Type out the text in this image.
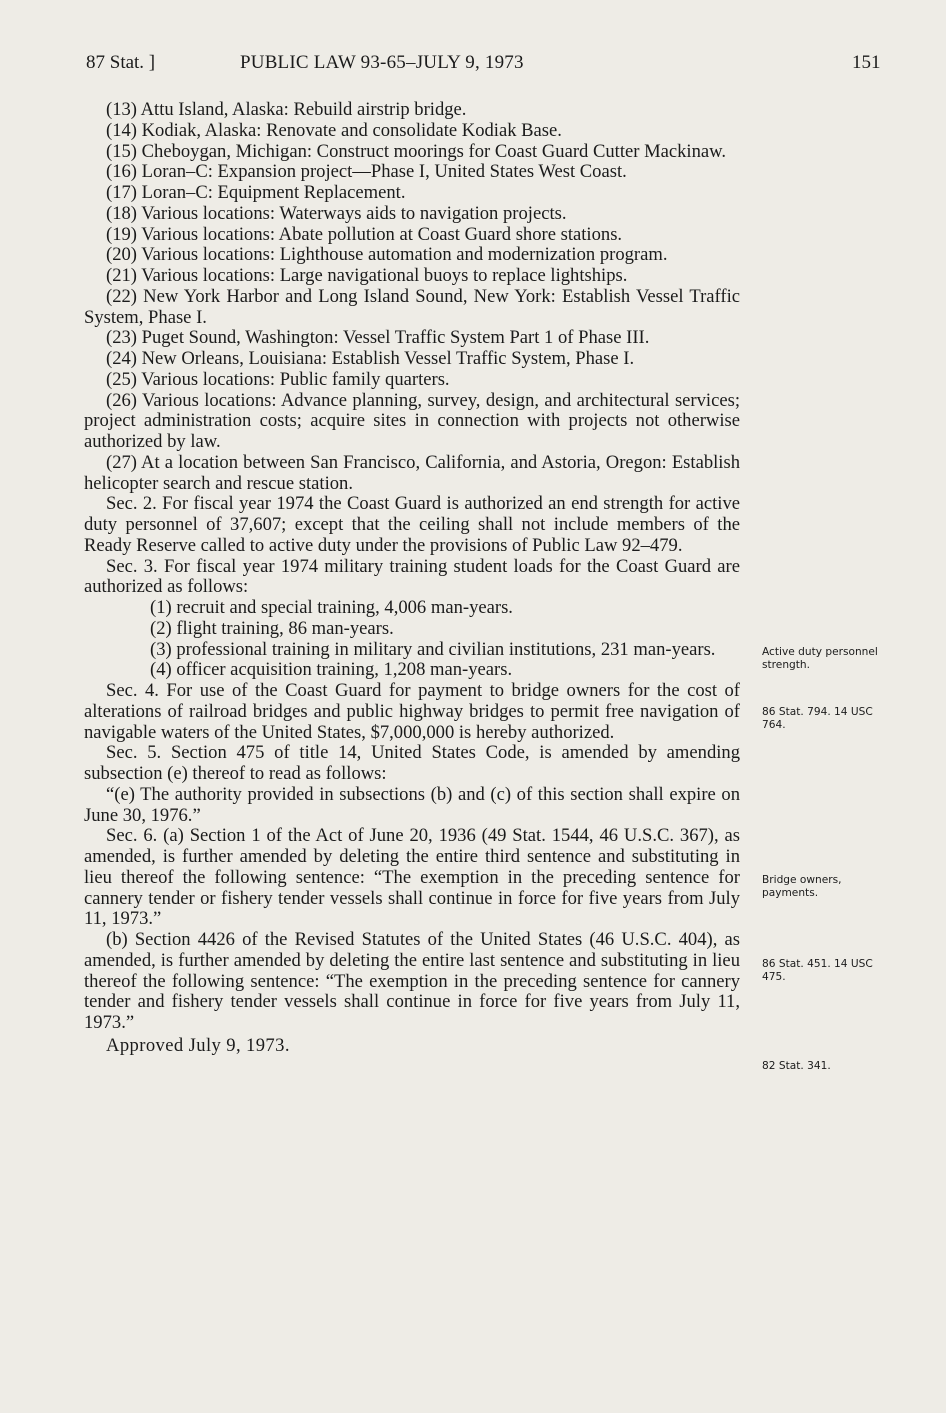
87 Stat. ]	PUBLIC LAW 93-65–JULY 9, 1973	151

(13) Attu Island, Alaska: Rebuild airstrip bridge.

(14) Kodiak, Alaska: Renovate and consolidate Kodiak Base.

(15) Cheboygan, Michigan: Construct moorings for Coast Guard Cutter Mackinaw.

(16) Loran–C: Expansion project—Phase I, United States West Coast.

(17) Loran–C: Equipment Replacement.

(18) Various locations: Waterways aids to navigation projects.

(19) Various locations: Abate pollution at Coast Guard shore stations.

(20) Various locations: Lighthouse automation and modernization program.

(21) Various locations: Large navigational buoys to replace lightships.

(22) New York Harbor and Long Island Sound, New York: Establish Vessel Traffic System, Phase I.

(23) Puget Sound, Washington: Vessel Traffic System Part 1 of Phase III.

(24) New Orleans, Louisiana: Establish Vessel Traffic System, Phase I.

(25) Various locations: Public family quarters.

(26) Various locations: Advance planning, survey, design, and architectural services; project administration costs; acquire sites in connection with projects not otherwise authorized by law.

(27) At a location between San Francisco, California, and Astoria, Oregon: Establish helicopter search and rescue station.

Sec. 2. For fiscal year 1974 the Coast Guard is authorized an end strength for active duty personnel of 37,607; except that the ceiling shall not include members of the Ready Reserve called to active duty under the provisions of Public Law 92–479.

Sec. 3. For fiscal year 1974 military training student loads for the Coast Guard are authorized as follows:

(1) recruit and special training, 4,006 man-years.

(2) flight training, 86 man-years.

(3) professional training in military and civilian institutions, 231 man-years.

(4) officer acquisition training, 1,208 man-years.

Sec. 4. For use of the Coast Guard for payment to bridge owners for the cost of alterations of railroad bridges and public highway bridges to permit free navigation of navigable waters of the United States, $7,000,000 is hereby authorized.

Sec. 5. Section 475 of title 14, United States Code, is amended by amending subsection (e) thereof to read as follows:

“(e) The authority provided in subsections (b) and (c) of this section shall expire on June 30, 1976.”

Sec. 6. (a) Section 1 of the Act of June 20, 1936 (49 Stat. 1544, 46 U.S.C. 367), as amended, is further amended by deleting the entire third sentence and substituting in lieu thereof the following sentence: “The exemption in the preceding sentence for cannery tender or fishery tender vessels shall continue in force for five years from July 11, 1973.”

(b) Section 4426 of the Revised Statutes of the United States (46 U.S.C. 404), as amended, is further amended by deleting the entire last sentence and substituting in lieu thereof the following sentence: “The exemption in the preceding sentence for cannery tender and fishery tender vessels shall continue in force for five years from July 11, 1973.”

Approved July 9, 1973.

Active duty personnel strength.
86 Stat. 794. 14 USC 764.
Bridge owners, payments.
86 Stat. 451. 14 USC 475.
82 Stat. 341.
